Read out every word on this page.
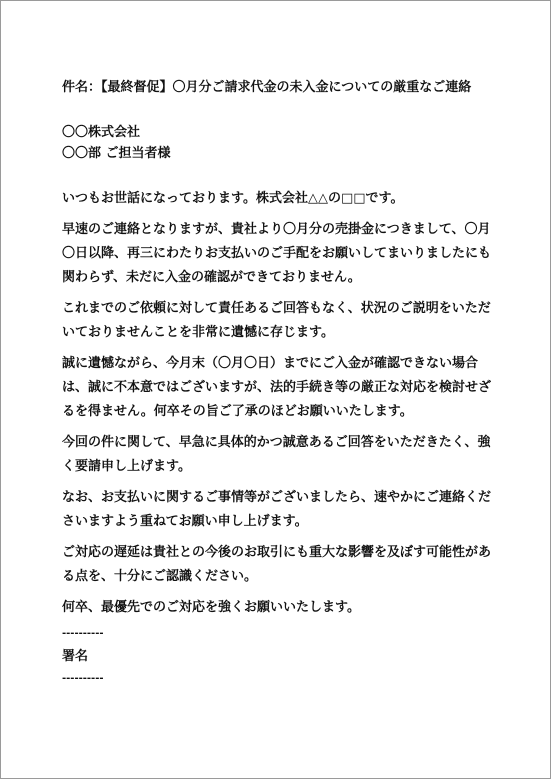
件名：【最終督促】〇月分ご請求代金の未入金についての厳重なご連絡
〇〇株式会社
〇〇部 ご担当者様
いつもお世話になっております。株式会社△△の□□です。
早速のご連絡となりますが、貴社より〇月分の売掛金につきまして、〇月
〇日以降、再三にわたりお支払いのご手配をお願いしてまいりましたにも
関わらず、未だに入金の確認ができておりません。
これまでのご依頼に対して責任あるご回答もなく、状況のご説明をいただ
いておりませんことを非常に遺憾に存じます。
誠に遺憾ながら、今月末（〇月〇日）までにご入金が確認できない場合
は、誠に不本意ではございますが、法的手続き等の厳正な対応を検討せざ
るを得ません。何卒その旨ご了承のほどお願いいたします。
今回の件に関して、早急に具体的かつ誠意あるご回答をいただきたく、強
く要請申し上げます。
なお、お支払いに関するご事情等がございましたら、速やかにご連絡くだ
さいますよう重ねてお願い申し上げます。
ご対応の遅延は貴社との今後のお取引にも重大な影響を及ぼす可能性があ
る点を、十分にご認識ください。
何卒、最優先でのご対応を強くお願いいたします。
----------
署名
----------
